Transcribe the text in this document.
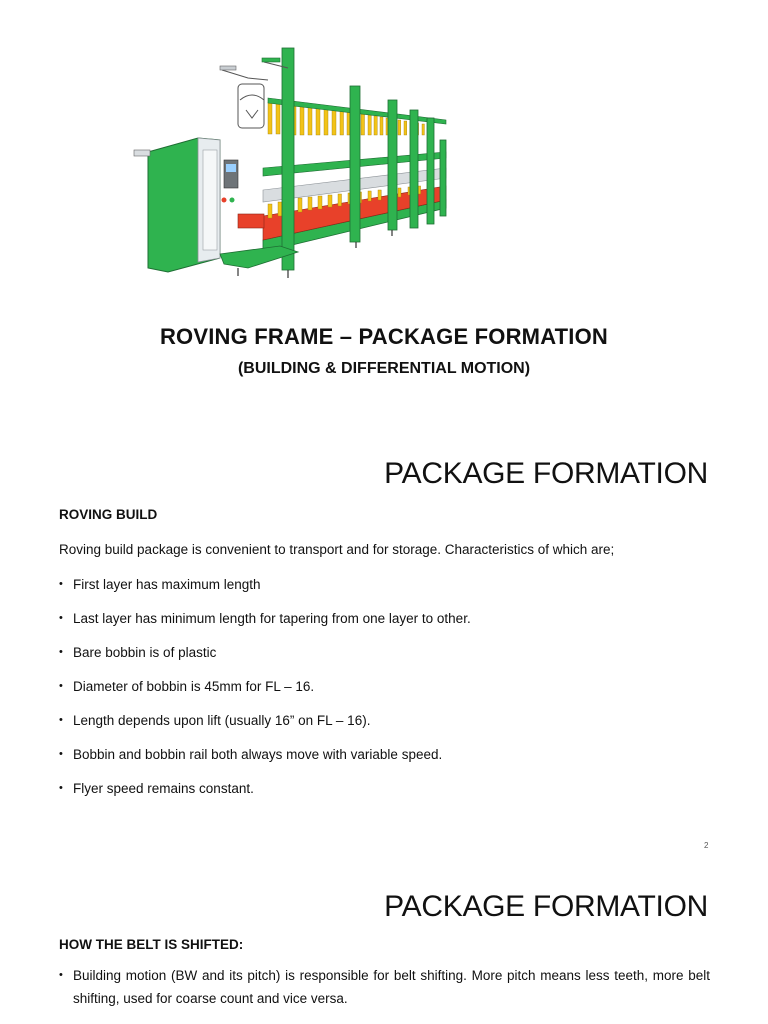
ROVING FRAME – PACKAGE FORMATION
(BUILDING & DIFFERENTIAL MOTION)
PACKAGE FORMATION
ROVING BUILD
Roving build package is convenient to transport and for storage. Characteristics of which are;
• First layer has maximum length
• Last layer has minimum length for tapering from one layer to other.
• Bare bobbin is of plastic
• Diameter of bobbin is 45mm for FL – 16.
• Length depends upon lift (usually 16” on FL – 16).
• Bobbin and bobbin rail both always move with variable speed.
• Flyer speed remains constant.
2
PACKAGE FORMATION
HOW THE BELT IS SHIFTED:
• Building motion (BW and its pitch) is responsible for belt shifting. More pitch means less teeth, more belt shifting, used for coarse count and vice versa.
